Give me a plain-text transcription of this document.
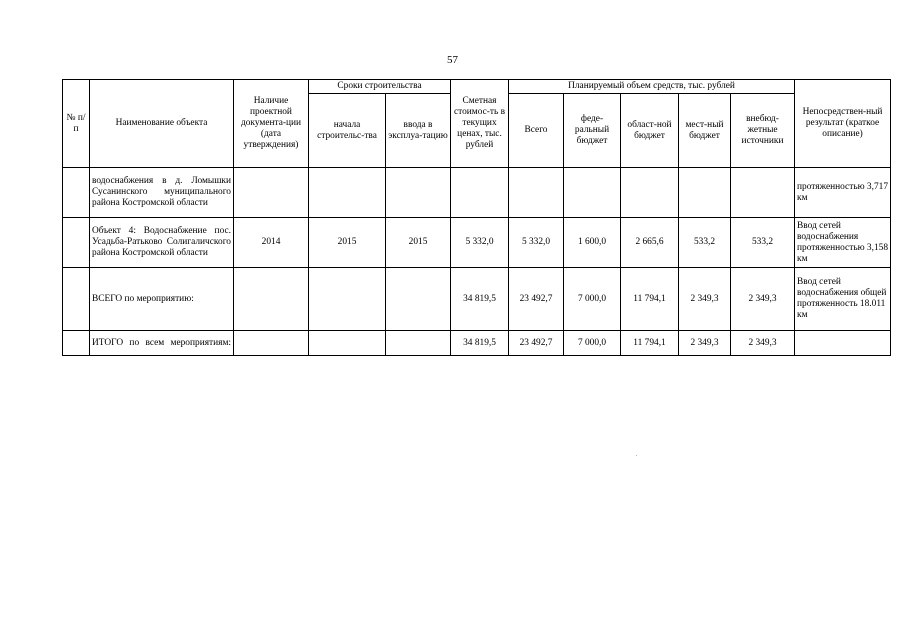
57
№ п/п	Наименование объекта	Наличие проектной документа-ции (дата утверждения)	Сроки строительства		Сметная стоимос-ть в текущих ценах, тыс. рублей	Планируемый объем средств, тыс. рублей					Непосредствен-ный результат (краткое описание)
			начала строительс-тва	ввода в эксплуа-тацию		Всего	феде-ральный бюджет	област-ной бюджет	мест-ный бюджет	внебюд-жетные источники	
	водоснабжения в д. Ломышки Сусанинского муниципального района Костромской области										протяженностью 3,717 км
	Объект 4: Водоснабжение пос. Усадьба-Ратьково Солигаличского района Костромской области	2014	2015	2015	5 332,0	5 332,0	1 600,0	2 665,6	533,2	533,2	Ввод сетей водоснабжения протяженностью 3,158 км
	ВСЕГО по мероприятию:				34 819,5	23 492,7	7 000,0	11 794,1	2 349,3	2 349,3	Ввод сетей водоснабжения общей протяженность 18.011 км
	ИТОГО по всем мероприятиям:				34 819,5	23 492,7	7 000,0	11 794,1	2 349,3	2 349,3	
